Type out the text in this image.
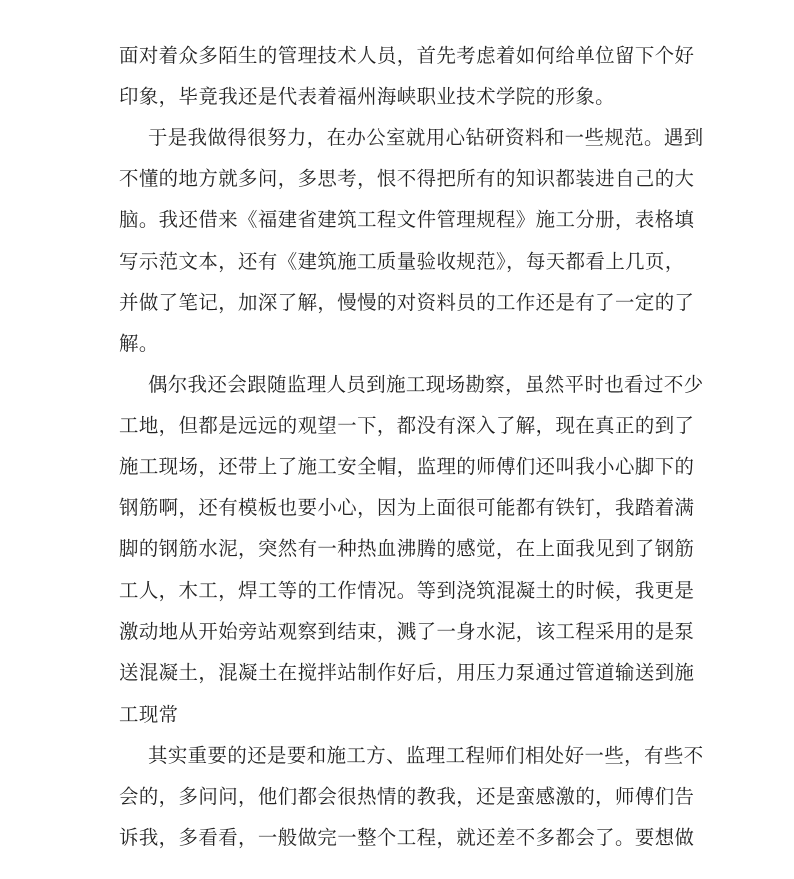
面对着众多陌生的管理技术人员，首先考虑着如何给单位留下个好
印象，毕竟我还是代表着福州海峡职业技术学院的形象。
于是我做得很努力，在办公室就用心钻研资料和一些规范。遇到
不懂的地方就多问，多思考，恨不得把所有的知识都装进自己的大
脑。我还借来《福建省建筑工程文件管理规程》施工分册，表格填
写示范文本，还有《建筑施工质量验收规范》，每天都看上几页，
并做了笔记，加深了解，慢慢的对资料员的工作还是有了一定的了
解。
偶尔我还会跟随监理人员到施工现场勘察，虽然平时也看过不少
工地，但都是远远的观望一下，都没有深入了解，现在真正的到了
施工现场，还带上了施工安全帽，监理的师傅们还叫我小心脚下的
钢筋啊，还有模板也要小心，因为上面很可能都有铁钉，我踏着满
脚的钢筋水泥，突然有一种热血沸腾的感觉，在上面我见到了钢筋
工人，木工，焊工等的工作情况。等到浇筑混凝土的时候，我更是
激动地从开始旁站观察到结束，溅了一身水泥，该工程采用的是泵
送混凝土，混凝土在搅拌站制作好后，用压力泵通过管道输送到施
工现常
其实重要的还是要和施工方、监理工程师们相处好一些，有些不
会的，多问问，他们都会很热情的教我，还是蛮感激的，师傅们告
诉我，多看看，一般做完一整个工程，就还差不多都会了。要想做
